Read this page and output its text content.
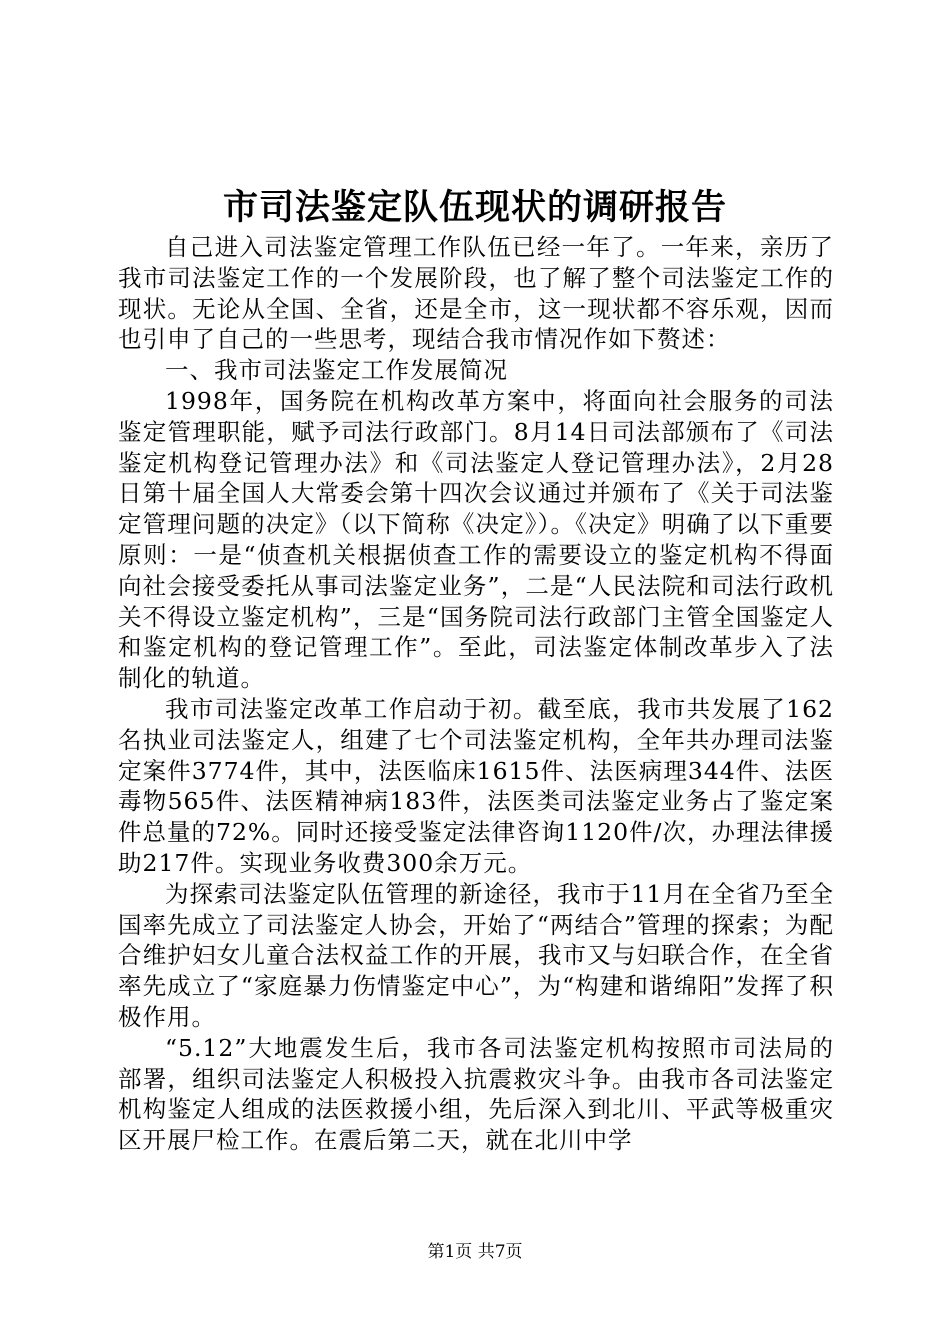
市司法鉴定队伍现状的调研报告

自己进入司法鉴定管理工作队伍已经一年了。一年来，亲历了我市司法鉴定工作的一个发展阶段，也了解了整个司法鉴定工作的现状。无论从全国、全省，还是全市，这一现状都不容乐观，因而也引申了自己的一些思考，现结合我市情况作如下赘述：

一、我市司法鉴定工作发展简况

1998年，国务院在机构改革方案中，将面向社会服务的司法鉴定管理职能，赋予司法行政部门。8月14日司法部颁布了《司法鉴定机构登记管理办法》和《司法鉴定人登记管理办法》，2月28日第十届全国人大常委会第十四次会议通过并颁布了《关于司法鉴定管理问题的决定》（以下简称《决定》）。《决定》明确了以下重要原则：一是“侦查机关根据侦查工作的需要设立的鉴定机构不得面向社会接受委托从事司法鉴定业务”，二是“人民法院和司法行政机关不得设立鉴定机构”，三是“国务院司法行政部门主管全国鉴定人和鉴定机构的登记管理工作”。至此，司法鉴定体制改革步入了法制化的轨道。

我市司法鉴定改革工作启动于初。截至底，我市共发展了162名执业司法鉴定人，组建了七个司法鉴定机构，全年共办理司法鉴定案件3774件，其中，法医临床1615件、法医病理344件、法医毒物565件、法医精神病183件，法医类司法鉴定业务占了鉴定案件总量的72%。同时还接受鉴定法律咨询1120件/次，办理法律援助217件。实现业务收费300余万元。

为探索司法鉴定队伍管理的新途径，我市于11月在全省乃至全国率先成立了司法鉴定人协会，开始了“两结合”管理的探索；为配合维护妇女儿童合法权益工作的开展，我市又与妇联合作，在全省率先成立了“家庭暴力伤情鉴定中心”，为“构建和谐绵阳”发挥了积极作用。

“5.12”大地震发生后，我市各司法鉴定机构按照市司法局的部署，组织司法鉴定人积极投入抗震救灾斗争。由我市各司法鉴定机构鉴定人组成的法医救援小组，先后深入到北川、平武等极重灾区开展尸检工作。在震后第二天，就在北川中学

第1页 共7页
